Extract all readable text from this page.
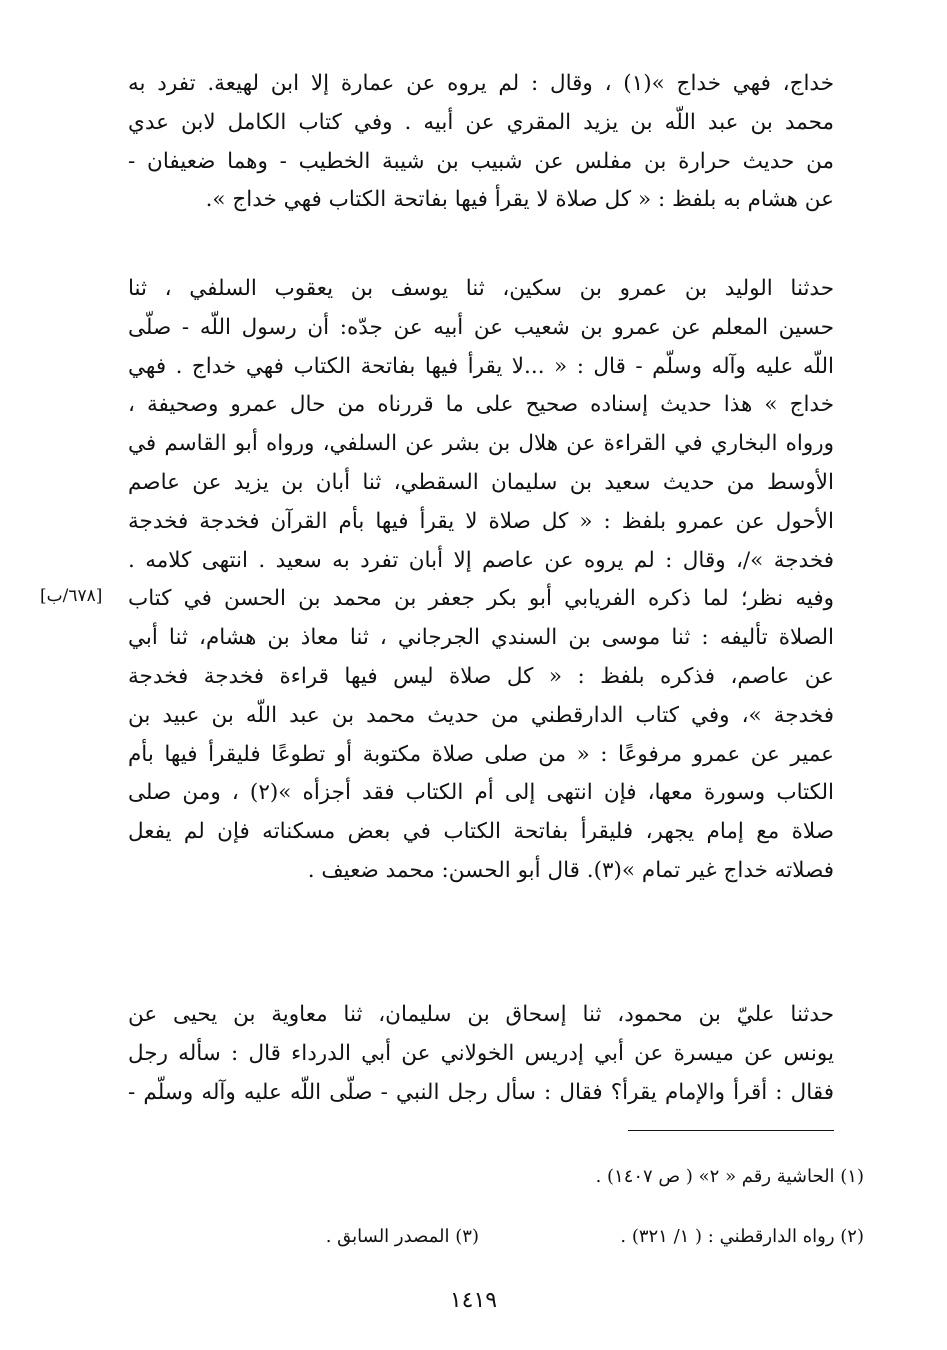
خداج، فهي خداج »(١) ، وقال : لم يروه عن عمارة إلا ابن لهيعة. تفرد به
محمد بن عبد اللّه بن يزيد المقري عن أبيه . وفي كتاب الكامل لابن عدي
من حديث حرارة بن مفلس عن شبيب بن شيبة الخطيب - وهما ضعيفان -
عن هشام به بلفظ : « كل صلاة لا يقرأ فيها بفاتحة الكتاب فهي خداج ».
حدثنا الوليد بن عمرو بن سكين، ثنا يوسف بن يعقوب السلفي ، ثنا
حسين المعلم عن عمرو بن شعيب عن أبيه عن جدّه: أن رسول اللّه - صلّى
اللّه عليه وآله وسلّم - قال : « ...لا يقرأ فيها بفاتحة الكتاب فهي خداج . فهي
خداج » هذا حديث إسناده صحيح على ما قررناه من حال عمرو وصحيفة ،
ورواه البخاري في القراءة عن هلال بن بشر عن السلفي، ورواه أبو القاسم في
الأوسط من حديث سعيد بن سليمان السقطي، ثنا أبان بن يزيد عن عاصم
الأحول عن عمرو بلفظ : « كل صلاة لا يقرأ فيها بأم القرآن فخدجة فخدجة
فخدجة »/، وقال : لم يروه عن عاصم إلا أبان تفرد به سعيد . انتهى كلامه .
وفيه نظر؛ لما ذكره الفريابي أبو بكر جعفر بن محمد بن الحسن في كتاب
الصلاة تأليفه : ثنا موسى بن السندي الجرجاني ، ثنا معاذ بن هشام، ثنا أبي
عن عاصم، فذكره بلفظ : « كل صلاة ليس فيها قراءة فخدجة فخدجة
فخدجة »، وفي كتاب الدارقطني من حديث محمد بن عبد اللّه بن عبيد بن
عمير عن عمرو مرفوعًا : « من صلى صلاة مكتوبة أو تطوعًا فليقرأ فيها بأم
الكتاب وسورة معها، فإن انتهى إلى أم الكتاب فقد أجزأه »(٢) ، ومن صلى
صلاة مع إمام يجهر، فليقرأ بفاتحة الكتاب في بعض مسكناته فإن لم يفعل
فصلاته خداج غير تمام »(٣). قال أبو الحسن: محمد ضعيف .
[٦٧٨/ب]
حدثنا عليّ بن محمود، ثنا إسحاق بن سليمان، ثنا معاوية بن يحيى عن
يونس عن ميسرة عن أبي إدريس الخولاني عن أبي الدرداء قال : سأله رجل
فقال : أقرأ والإمام يقرأ؟ فقال : سأل رجل النبي - صلّى اللّه عليه وآله وسلّم -
(١) الحاشية رقم « ٢» ( ص ١٤٠٧) .
(٢) رواه الدارقطني : ( ١/ ٣٢١) .
(٣) المصدر السابق .
١٤١٩
